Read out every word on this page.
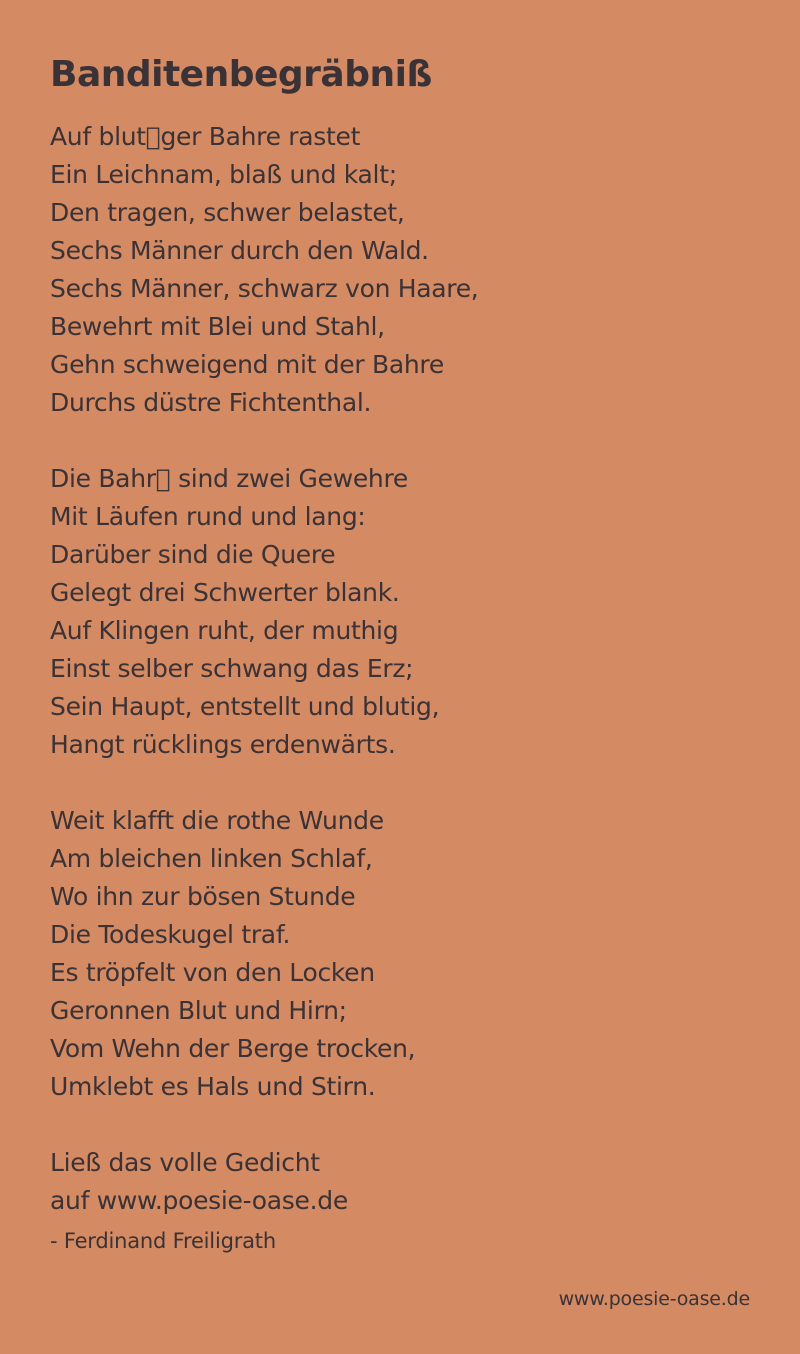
Banditenbegräbniß
Auf blut ger Bahre rastet
Ein Leichnam, blaß und kalt;
Den tragen, schwer belastet,
Sechs Männer durch den Wald.
Sechs Männer, schwarz von Haare,
Bewehrt mit Blei und Stahl,
Gehn schweigend mit der Bahre
Durchs düstre Fichtenthal.
Die Bahr  sind zwei Gewehre
Mit Läufen rund und lang:
Darüber sind die Quere
Gelegt drei Schwerter blank.
Auf Klingen ruht, der muthig
Einst selber schwang das Erz;
Sein Haupt, entstellt und blutig,
Hangt rücklings erdenwärts.
Weit klafft die rothe Wunde
Am bleichen linken Schlaf,
Wo ihn zur bösen Stunde
Die Todeskugel traf.
Es tröpfelt von den Locken
Geronnen Blut und Hirn;
Vom Wehn der Berge trocken,
Umklebt es Hals und Stirn.
Ließ das volle Gedicht
auf www.poesie-oase.de
- Ferdinand Freiligrath
www.poesie-oase.de
